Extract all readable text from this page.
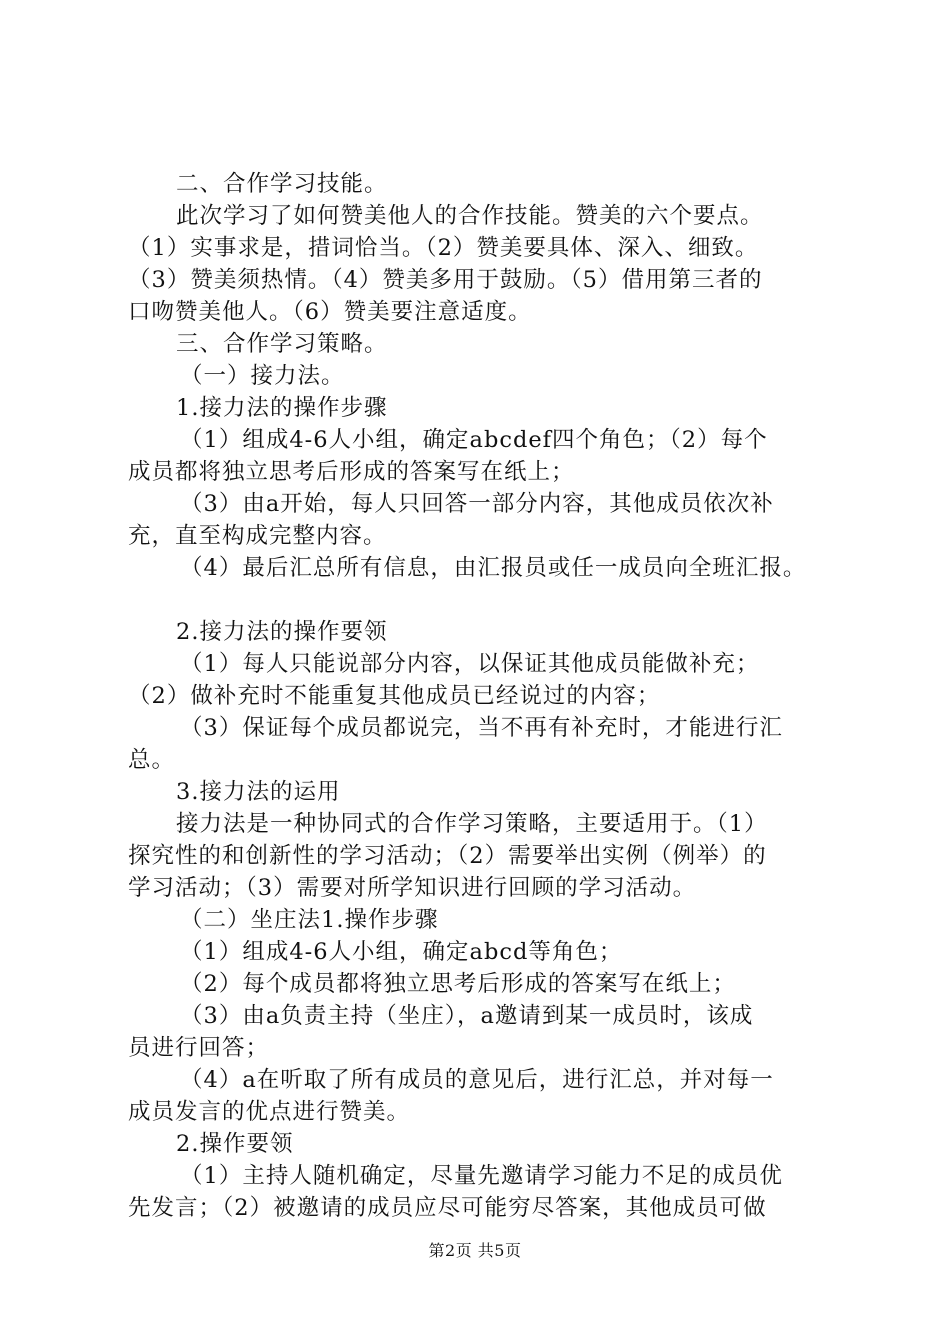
二、合作学习技能。

此次学习了如何赞美他人的合作技能。赞美的六个要点。

（1）实事求是，措词恰当。（2）赞美要具体、深入、细致。

（3）赞美须热情。（4）赞美多用于鼓励。（5）借用第三者的

口吻赞美他人。（6）赞美要注意适度。

三、合作学习策略。

（一）接力法。

1.接力法的操作步骤

（1）组成4-6人小组，确定abcdef四个角色；（2）每个

成员都将独立思考后形成的答案写在纸上；

（3）由a开始，每人只回答一部分内容，其他成员依次补

充，直至构成完整内容。

（4）最后汇总所有信息，由汇报员或任一成员向全班汇报。

2.接力法的操作要领

（1）每人只能说部分内容，以保证其他成员能做补充；

（2）做补充时不能重复其他成员已经说过的内容；

（3）保证每个成员都说完，当不再有补充时，才能进行汇

总。

3.接力法的运用

接力法是一种协同式的合作学习策略，主要适用于。（1）

探究性的和创新性的学习活动；（2）需要举出实例（例举）的

学习活动；（3）需要对所学知识进行回顾的学习活动。

（二）坐庄法1.操作步骤

（1）组成4-6人小组，确定abcd等角色；

（2）每个成员都将独立思考后形成的答案写在纸上；

（3）由a负责主持（坐庄），a邀请到某一成员时，该成

员进行回答；

（4）a在听取了所有成员的意见后，进行汇总，并对每一

成员发言的优点进行赞美。

2.操作要领

（1）主持人随机确定，尽量先邀请学习能力不足的成员优

先发言；（2）被邀请的成员应尽可能穷尽答案，其他成员可做

第2页 共5页
